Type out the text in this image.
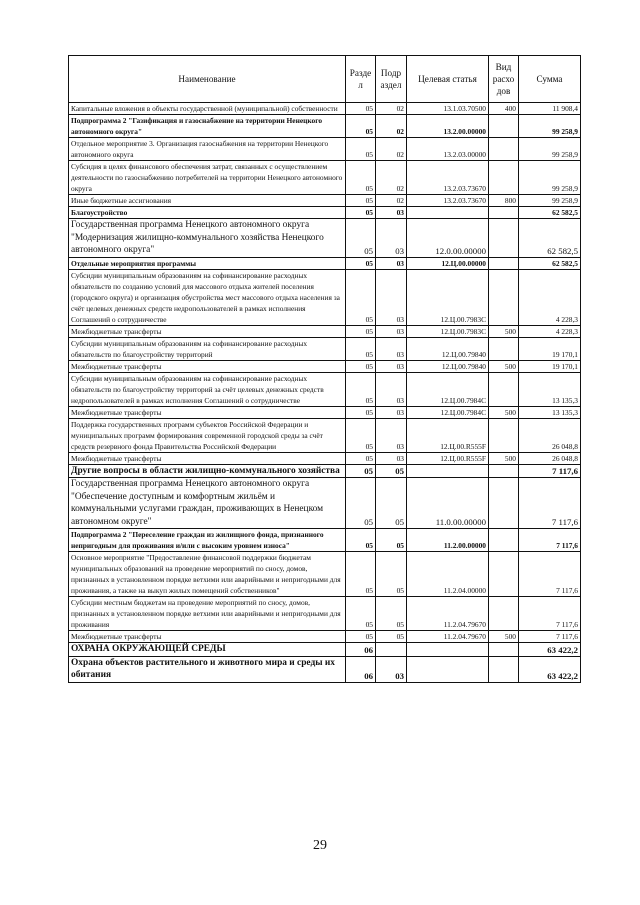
Наименование	Разде л	Подр аздел	Целевая статья	Вид расхо дов	Сумма
Капитальные вложения в объекты государственной (муниципальной) собственности	05	02	13.1.03.70500	400	11 908,4
Подпрограмма 2 "Газификация и газоснабжение на территории Ненецкого автономного округа"	05	02	13.2.00.00000		99 258,9
Отдельное мероприятие 3. Организация газоснабжения на территории Ненецкого автономного округа	05	02	13.2.03.00000		99 258,9
Субсидия в целях финансового обеспечения затрат, связанных с осуществлением деятельности по газоснабжению потребителей на территории Ненецкого автономного округа	05	02	13.2.03.73670		99 258,9
Иные бюджетные ассигнования	05	02	13.2.03.73670	800	99 258,9
Благоустройство	05	03			62 582,5
Государственная программа Ненецкого автономного округа "Модернизация жилищно-коммунального хозяйства Ненецкого автономного округа"	05	03	12.0.00.00000		62 582,5
Отдельные мероприятия программы	05	03	12.Ц.00.00000		62 582,5
Субсидии муниципальным образованиям на софинансирование расходных обязательств по созданию условий для массового отдыха жителей поселения (городского округа) и организация обустройства мест массового отдыха населения за счёт целевых денежных средств недропользователей в рамках исполнения Соглашений о сотрудничестве	05	03	12.Ц.00.7983С		4 228,3
Межбюджетные трансферты	05	03	12.Ц.00.7983С	500	4 228,3
Субсидии муниципальным образованиям на софинансирование расходных обязательств по благоустройству территорий	05	03	12.Ц.00.79840		19 170,1
Межбюджетные трансферты	05	03	12.Ц.00.79840	500	19 170,1
Субсидии муниципальным образованиям на софинансирование расходных обязательств по благоустройству территорий за счёт целевых денежных средств недропользователей в рамках исполнения Соглашений о сотрудничестве	05	03	12.Ц.00.7984С		13 135,3
Межбюджетные трансферты	05	03	12.Ц.00.7984С	500	13 135,3
Поддержка государственных программ субъектов Российской Федерации и муниципальных программ формирования современной городской среды за счёт средств резервного фонда Правительства Российской Федерации	05	03	12.Ц.00.R555F		26 048,8
Межбюджетные трансферты	05	03	12.Ц.00.R555F	500	26 048,8
Другие вопросы в области жилищно-коммунального хозяйства	05	05			7 117,6
Государственная программа Ненецкого автономного округа "Обеспечение доступным и комфортным жильём и коммунальными услугами граждан, проживающих в Ненецком автономном округе"	05	05	11.0.00.00000		7 117,6
Подпрограмма 2 "Переселение граждан из жилищного фонда, признанного непригодным для проживания и/или с высоким уровнем износа"	05	05	11.2.00.00000		7 117,6
Основное мероприятие "Предоставление финансовой поддержки бюджетам муниципальных образований на проведение мероприятий по сносу, домов, признанных в установленном порядке ветхими или аварийными и непригодными для проживания, а также на выкуп жилых помещений собственников"	05	05	11.2.04.00000		7 117,6
Субсидии местным бюджетам на проведение мероприятий по сносу, домов, признанных в установленном порядке ветхими или аварийными и непригодными для проживания	05	05	11.2.04.79670		7 117,6
Межбюджетные трансферты	05	05	11.2.04.79670	500	7 117,6
ОХРАНА ОКРУЖАЮЩЕЙ СРЕДЫ	06				63 422,2
Охрана объектов растительного и животного мира и среды их обитания	06	03			63 422,2
29
